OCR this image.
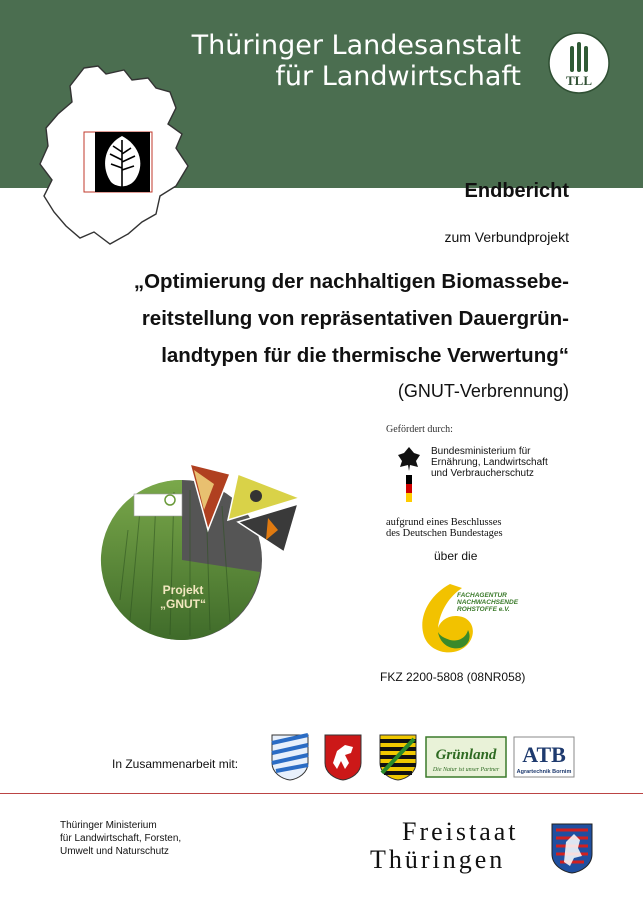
Thüringer Landesanstalt
für Landwirtschaft	TLL
Endbericht
zum Verbundprojekt
„Optimierung der nachhaltigen Biomassebe-
reitstellung von repräsentativen Dauergrün-
landtypen für die thermische Verwertung“
(GNUT-Verbrennung)
Gefördert durch:
Bundesministerium für
Ernährung, Landwirtschaft
und Verbraucherschutz
aufgrund eines Beschlusses
des Deutschen Bundestages
über die
FACHAGENTUR
NACHWACHSENDE
ROHSTOFFE e.V.
FKZ 2200-5808 (08NR058)
Projekt
„GNUT“
In Zusammenarbeit mit:
Grünland
Die Natur ist unser Partner
ATB
Agrartechnik Bornim
Thüringer Ministerium
für Landwirtschaft, Forsten,
Umwelt und Naturschutz
Freistaat
Thüringen
